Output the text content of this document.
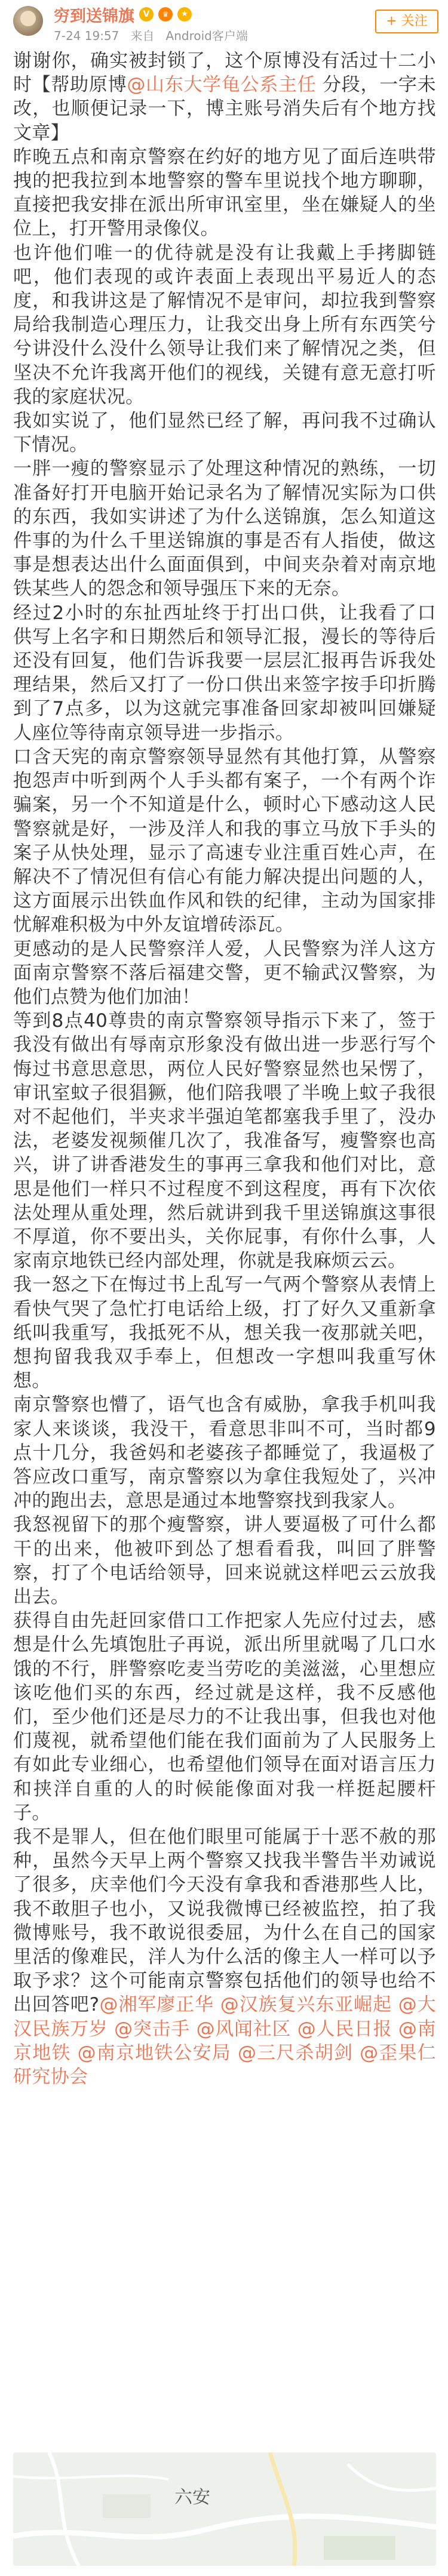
穷到送锦旗	V	♛	★
7-24 19:57 来自 Android客户端
+ 关注

谢谢你，确实被封锁了，这个原博没有活过十二小时【帮助原博@山东大学龟公系主任 分段，一字未改，也顺便记录一下，博主账号消失后有个地方找文章】

昨晚五点和南京警察在约好的地方见了面后连哄带拽的把我拉到本地警察的警车里说找个地方聊聊，直接把我安排在派出所审讯室里，坐在嫌疑人的坐位上，打开警用录像仪。

也许他们唯一的优待就是没有让我戴上手拷脚链吧，他们表现的或许表面上表现出平易近人的态度，和我讲这是了解情况不是审问，却拉我到警察局给我制造心理压力，让我交出身上所有东西笑兮兮讲没什么没什么领导让我们来了解情况之类，但坚决不允许我离开他们的视线，关键有意无意打听我的家庭状况。

我如实说了，他们显然已经了解，再问我不过确认下情况。

一胖一瘦的警察显示了处理这种情况的熟练，一切准备好打开电脑开始记录名为了解情况实际为口供的东西，我如实讲述了为什么送锦旗，怎么知道这件事的为什么千里送锦旗的事是否有人指使，做这事是想表达出什么面面俱到，中间夹杂着对南京地铁某些人的怨念和领导强压下来的无奈。

经过2小时的东扯西址终于打出口供，让我看了口供写上名字和日期然后和领导汇报，漫长的等待后还没有回复，他们告诉我要一层层汇报再告诉我处理结果，然后又打了一份口供出来签字按手印折腾到了7点多，以为这就完事准备回家却被叫回嫌疑人座位等待南京领导进一步指示。

口含天宪的南京警察领导显然有其他打算，从警察抱怨声中听到两个人手头都有案子，一个有两个诈骗案，另一个不知道是什么，顿时心下感动这人民警察就是好，一涉及洋人和我的事立马放下手头的案子从快处理，显示了高速专业注重百姓心声，在解决不了情况但有信心有能力解决提出问题的人，这方面展示出铁血作风和铁的纪律，主动为国家排忧解难积极为中外友谊增砖添瓦。

更感动的是人民警察洋人爱，人民警察为洋人这方面南京警察不落后福建交警，更不输武汉警察，为他们点赞为他们加油！

等到8点40尊贵的南京警察领导指示下来了，签于我没有做出有辱南京形象没有做出进一步恶行写个悔过书意思意思，两位人民好警察显然也呆愣了，审讯室蚊子很猖獗，他们陪我喂了半晚上蚊子我很对不起他们，半夹求半强迫笔都塞我手里了，没办法，老婆发视频催几次了，我准备写，瘦警察也高兴，讲了讲香港发生的事再三拿我和他们对比，意思是他们一样只不过程度不到这程度，再有下次依法处理从重处理，然后就讲到我千里送锦旗这事很不厚道，你不要出头，关你屁事，有你什么事，人家南京地铁已经内部处理，你就是我麻烦云云。

我一怒之下在悔过书上乱写一气两个警察从表情上看快气哭了急忙打电话给上级，打了好久又重新拿纸叫我重写，我抵死不从，想关我一夜那就关吧，想拘留我我双手奉上，但想改一字想叫我重写休想。

南京警察也懵了，语气也含有威胁，拿我手机叫我家人来谈谈，我没干，看意思非叫不可，当时都9点十几分，我爸妈和老婆孩子都睡觉了，我逼极了答应改口重写，南京警察以为拿住我短处了，兴冲冲的跑出去，意思是通过本地警察找到我家人。

我怒视留下的那个瘦警察，讲人要逼极了可什么都干的出来，他被吓到怂了想看看我，叫回了胖警察，打了个电话给领导，回来说就这样吧云云放我出去。

获得自由先赶回家借口工作把家人先应付过去，感想是什么先填饱肚子再说，派出所里就喝了几口水饿的不行，胖警察吃麦当劳吃的美滋滋，心里想应该吃他们买的东西，经过就是这样，我不反感他们，至少他们还是尽力的不让我出事，但我也对他们蔑视，就希望他们能在我们面前为了人民服务上有如此专业细心，也希望他们领导在面对语言压力和挟洋自重的人的时候能像面对我一样挺起腰杆子。

我不是罪人，但在他们眼里可能属于十恶不赦的那种，虽然今天早上两个警察又找我半警告半劝诫说了很多，庆幸他们今天没有拿我和香港那些人比，我不敢胆子也小，又说我微博已经被监控，拍了我微博账号，我不敢说很委屈，为什么在自己的国家里活的像难民，洋人为什么活的像主人一样可以予取予求？这个可能南京警察包括他们的领导也给不出回答吧?@湘军廖正华 @汉族复兴东亚崛起 @大汉民族万岁 @突击手 @风闻社区 @人民日报 @南京地铁 @南京地铁公安局 @三尺杀胡剑 @歪果仁研究协会

六安
